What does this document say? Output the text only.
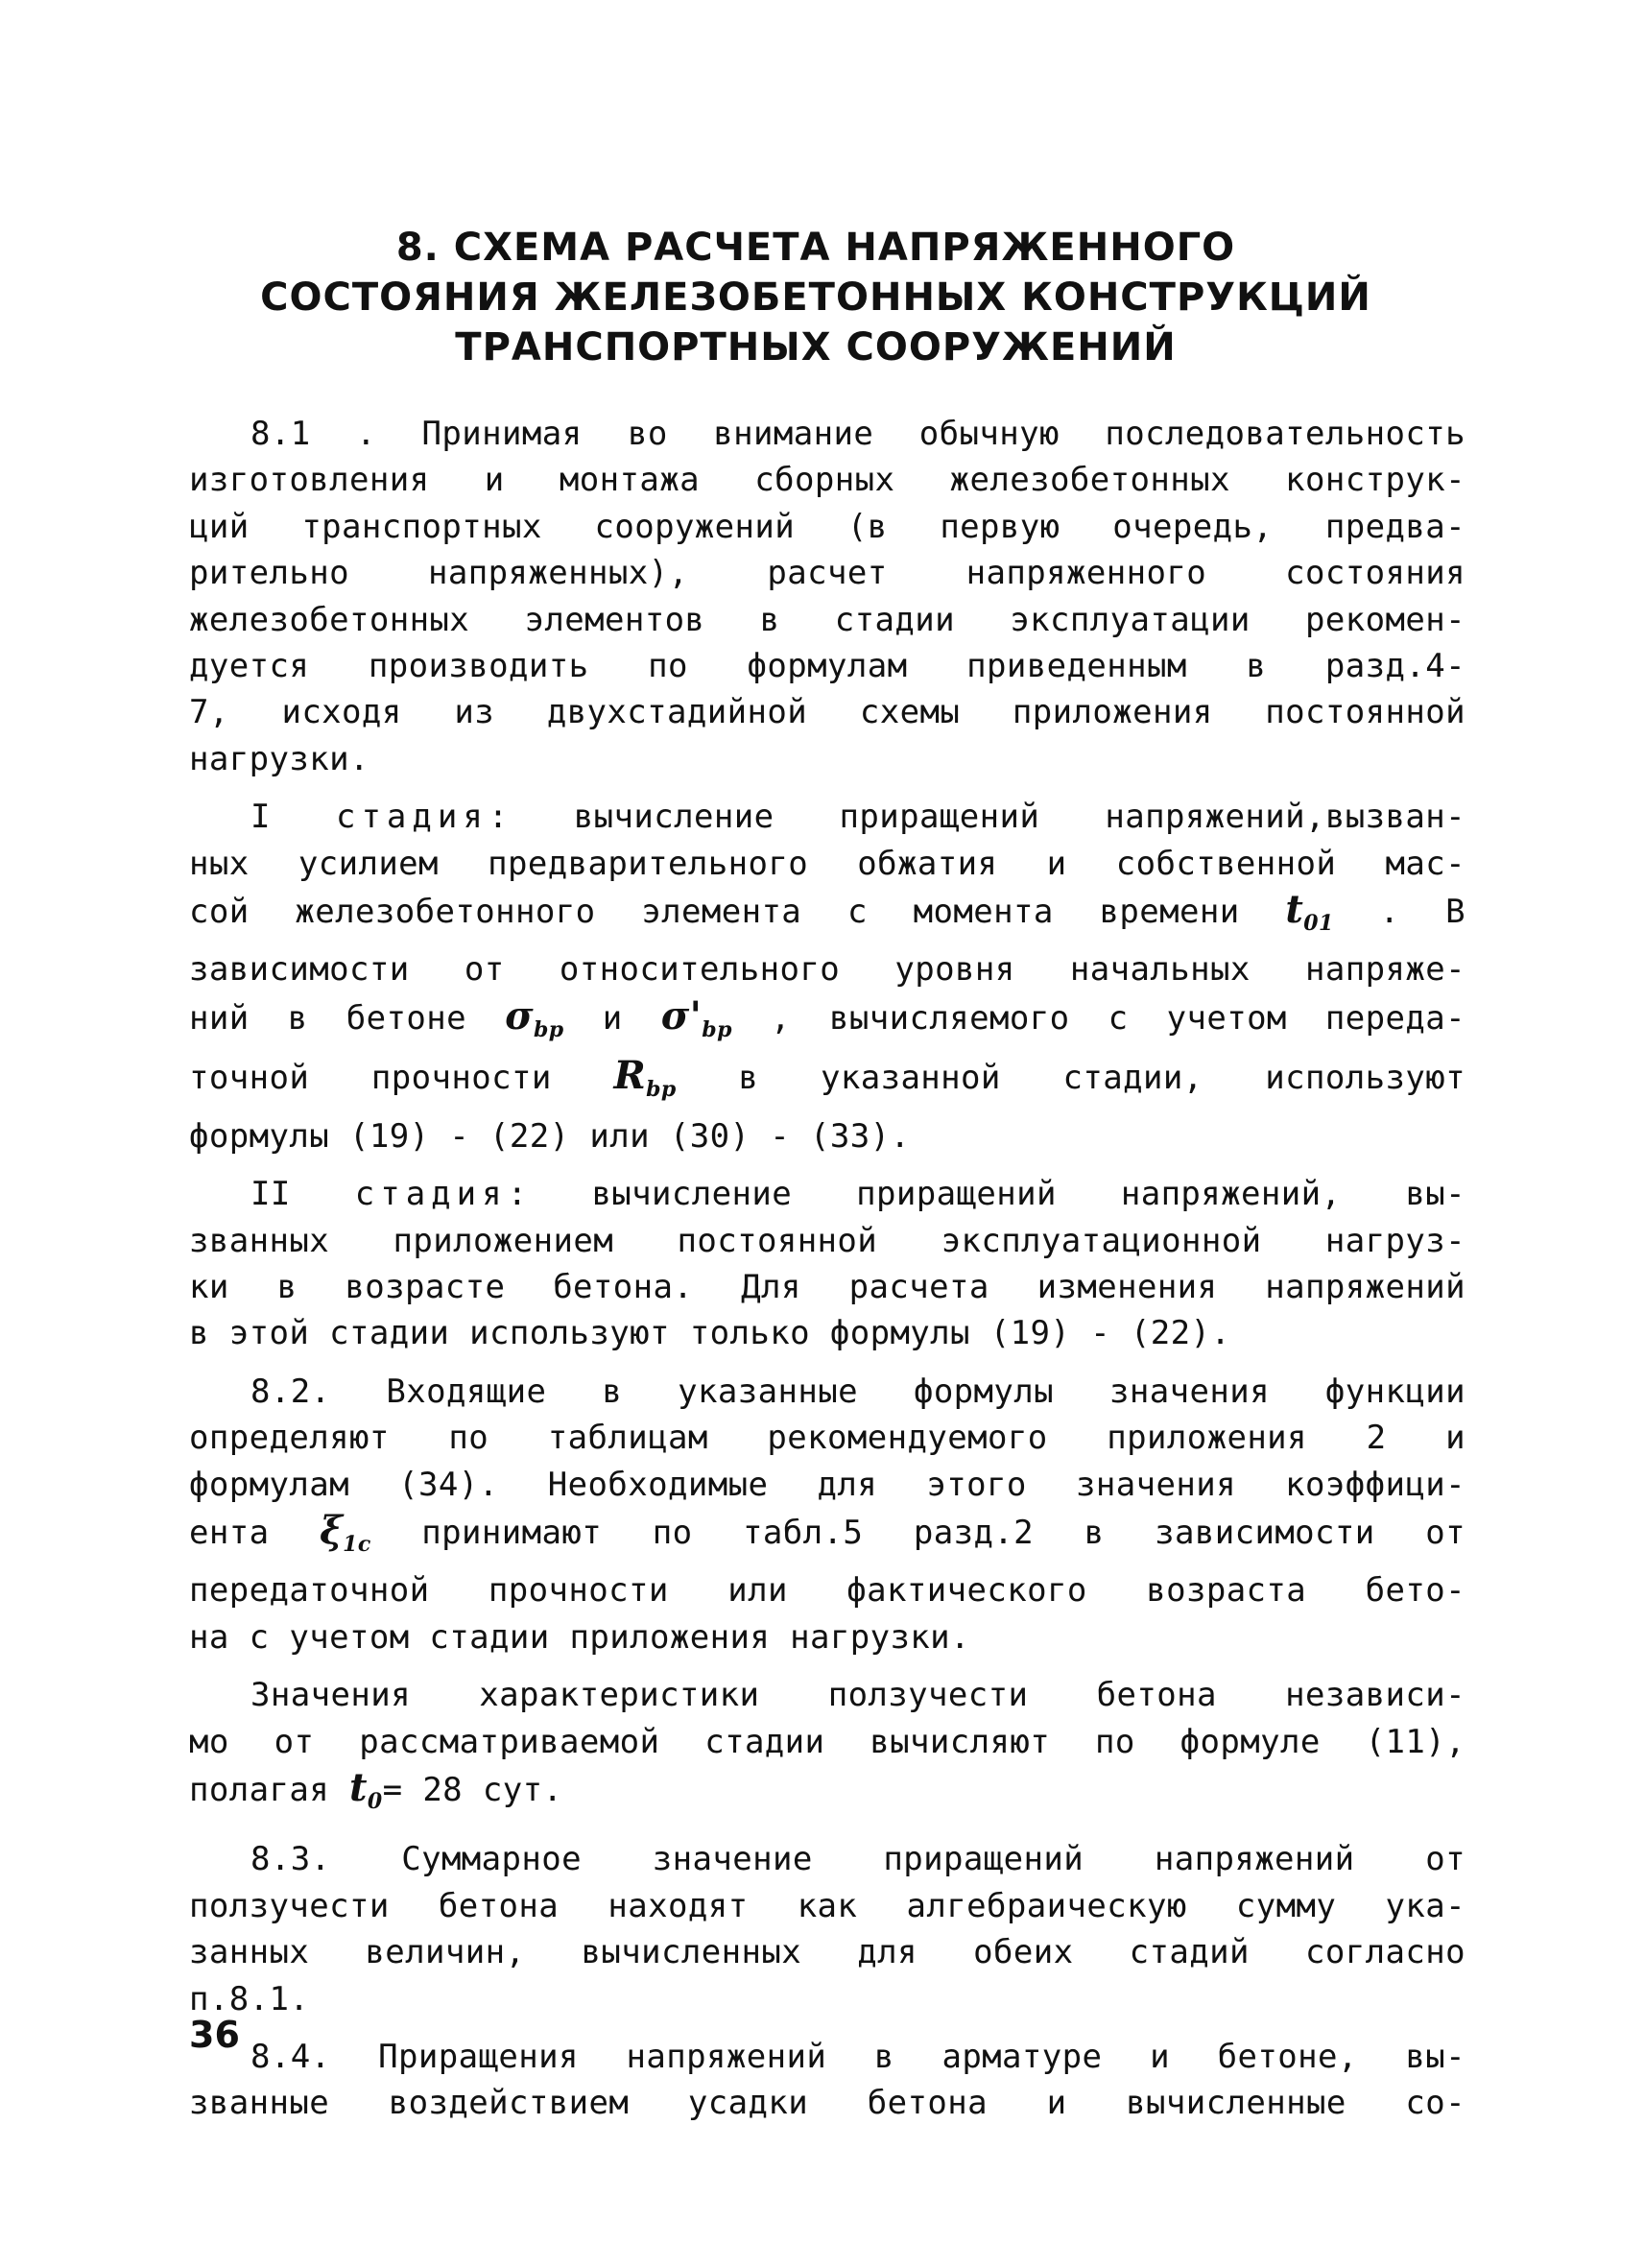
8. СХЕМА РАСЧЕТА НАПРЯЖЕННОГО
СОСТОЯНИЯ ЖЕЛЕЗОБЕТОННЫХ КОНСТРУКЦИЙ
ТРАНСПОРТНЫХ СООРУЖЕНИЙ
8.1 . Принимая во внимание обычную последовательность
изготовления и монтажа сборных железобетонных конструк-
ций транспортных сооружений (в первую очередь, предва-
рительно напряженных), расчет напряженного состояния
железобетонных элементов в стадии эксплуатации рекомен-
дуется производить по формулам приведенным в разд.4-
7, исходя из двухстадийной схемы приложения постоянной
нагрузки.
I стадия: вычисление приращений напряжений,вызван-
ных усилием предварительного обжатия и собственной мас-
сой железобетонного элемента с момента времени $t_{01}$ . В
зависимости от относительного уровня начальных напряже-
ний в бетоне $\sigma_{bp}$ и $\sigma'_{bp}$ , вычисляемого с учетом переда-
точной прочности $R_{bp}$ в указанной стадии, используют
формулы (19) - (22) или (30) - (33).
II стадия: вычисление приращений напряжений, вы-
званных приложением постоянной эксплуатационной нагруз-
ки в возрасте бетона. Для расчета изменения напряжений
в этой стадии используют только формулы (19) - (22).
8.2. Входящие в указанные формулы значения функции
определяют по таблицам рекомендуемого приложения 2 и
формулам (34). Необходимые для этого значения коэффици-
ента $\xi_{1c}$ принимают по табл.5 разд.2 в зависимости от
передаточной прочности или фактического возраста бето-
на с учетом стадии приложения нагрузки.
Значения характеристики ползучести бетона независи-
мо от рассматриваемой стадии вычисляют по формуле (11),
полагая $t_0= 28$ сут.
8.3. Суммарное значение приращений напряжений от
ползучести бетона находят как алгебраическую сумму ука-
занных величин, вычисленных для обеих стадий согласно
п.8.1.
8.4. Приращения напряжений в арматуре и бетоне, вы-
званные воздействием усадки бетона и вычисленные со-
36
